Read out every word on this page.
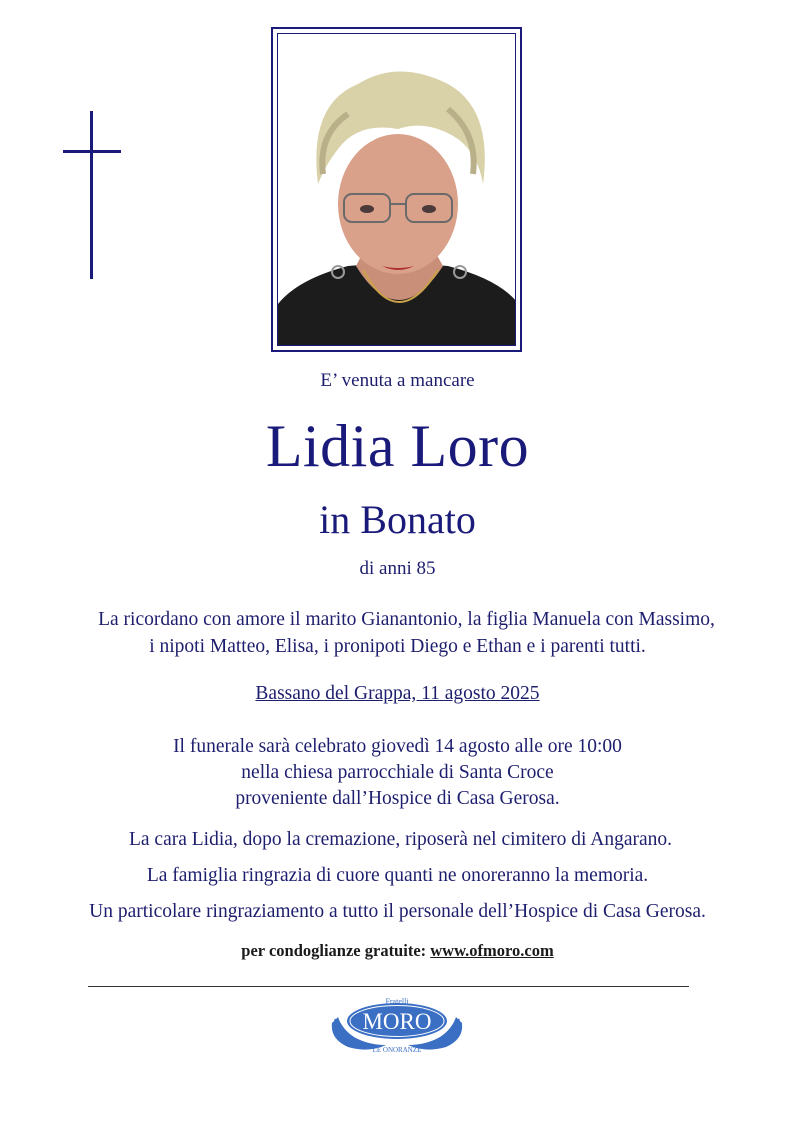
E’ venuta a mancare
Lidia Loro
in Bonato
di anni 85
La ricordano con amore il marito Gianantonio, la figlia Manuela con Massimo,
i nipoti Matteo, Elisa, i pronipoti Diego e Ethan e i parenti tutti.
Bassano del Grappa, 11 agosto 2025
Il funerale sarà celebrato giovedì 14 agosto alle ore 10:00
nella chiesa parrocchiale di Santa Croce
proveniente dall’Hospice di Casa Gerosa.
La cara Lidia, dopo la cremazione, riposerà nel cimitero di Angarano.
La famiglia ringrazia di cuore quanti ne onoreranno la memoria.
Un particolare ringraziamento a tutto il personale dell’Hospice di Casa Gerosa.
per condoglianze gratuite: www.ofmoro.com
Fratelli
MORO
LE ONORANZE
